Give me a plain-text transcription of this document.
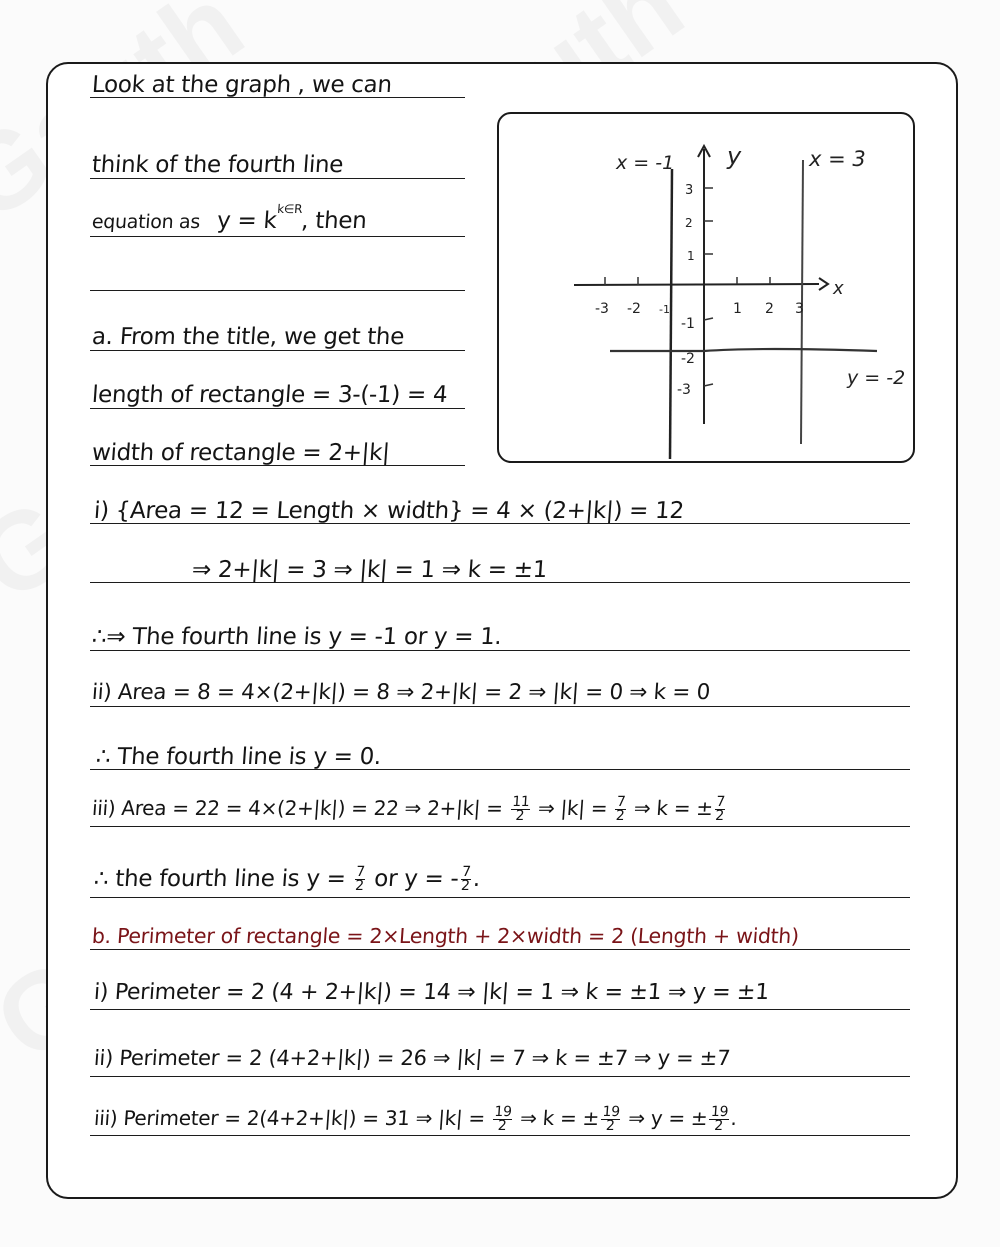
Look at the graph , we can
think of the fourth line
equation as $y = k^{k\in R}$, then
a. From the title, we get the
length of rectangle = 3-(-1) = 4
width of rectangle = 2+|k|
i) {Area = 12 = Length × width} = 4 × (2+|k|) = 12
⇒ 2+|k| = 3 ⇒ |k| = 1 ⇒ k = ±1
∴⇒ The fourth line is y = -1 or y = 1.
ii) Area = 8 = 4×(2+|k|) = 8 ⇒ 2+|k| = 2 ⇒ |k| = 0 ⇒ k = 0
∴ The fourth line is y = 0.
iii) Area = 22 = 4×(2+|k|) = 22 ⇒ $2+|k| = \frac{11}{2}$ ⇒ $|k| = \frac{7}{2}$ ⇒ k = ± $\frac{7}{2}$
∴ the fourth line is $y = \frac{7}{2}$ or y = - $\frac{7}{2}$ .
b. Perimeter of rectangle = 2×Length + 2×width = 2 (Length + width)
i) Perimeter = 2 (4 + 2+|k|) = 14 ⇒ |k| = 1 ⇒ k = ±1 ⇒ y = ±1
ii) Perimeter = 2 (4+2+|k|) = 26 ⇒ |k| = 7 ⇒ k = ±7 ⇒ y = ±7
iii) Perimeter = 2(4+2+|k|) = 31 ⇒ $|k| = \frac{19}{2}$ ⇒ k = ± $\frac{19}{2}$ ⇒ y = ± $\frac{19}{2}$ .
y
x
x = -1	x = 3
y = -2
-3 -2 -1	1 2 3
3
2
1
-1
-2
-3
